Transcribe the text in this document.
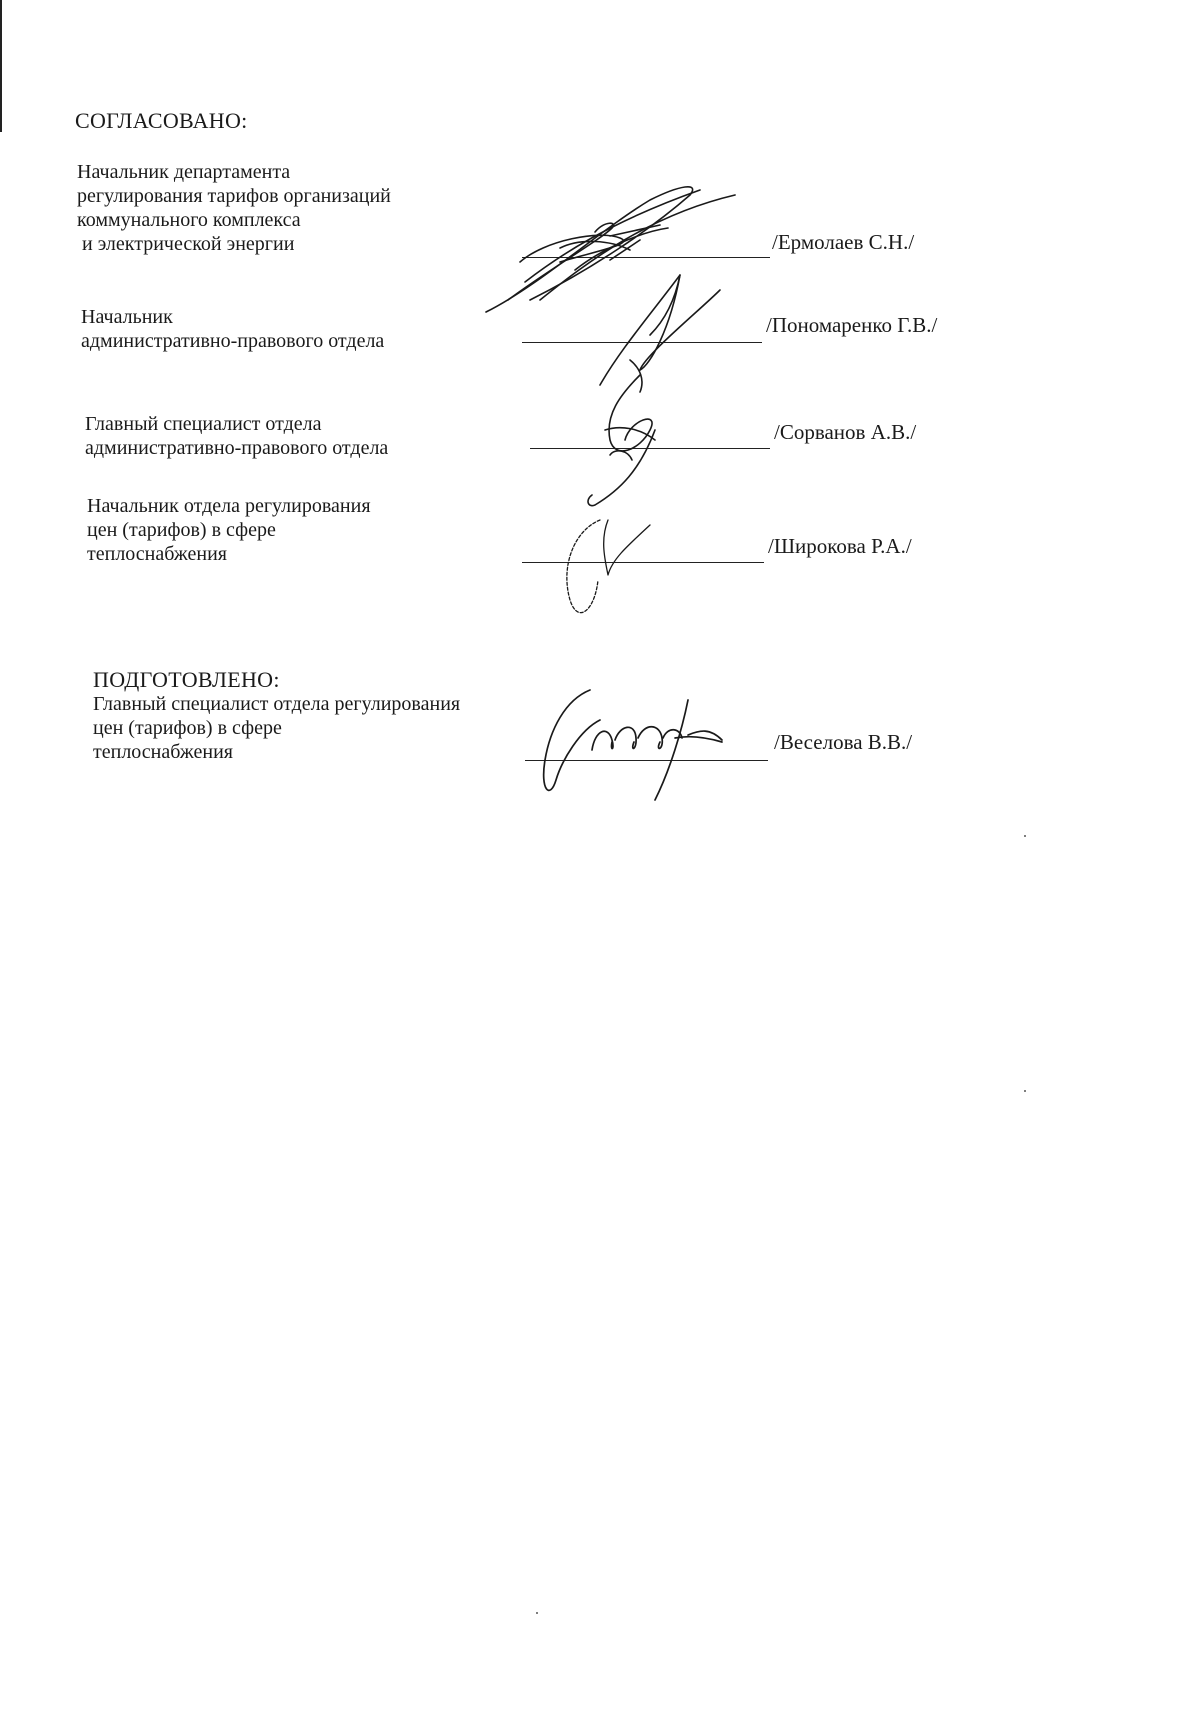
СОГЛАСОВАНО:
Начальник департамента
регулирования тарифов организаций
коммунального комплекса
и электрической энергии	/Ермолаев С.Н./
Начальник
административно-правового отдела
/Пономаренко Г.В./
Главный специалист отдела
административно-правового отдела
/Сорванов А.В./
Начальник отдела регулирования
цен (тарифов) в сфере
теплоснабжения	/Широкова Р.А./
ПОДГОТОВЛЕНО:
Главный специалист отдела регулирования
цен (тарифов) в сфере
теплоснабжения	/Веселова В.В./
